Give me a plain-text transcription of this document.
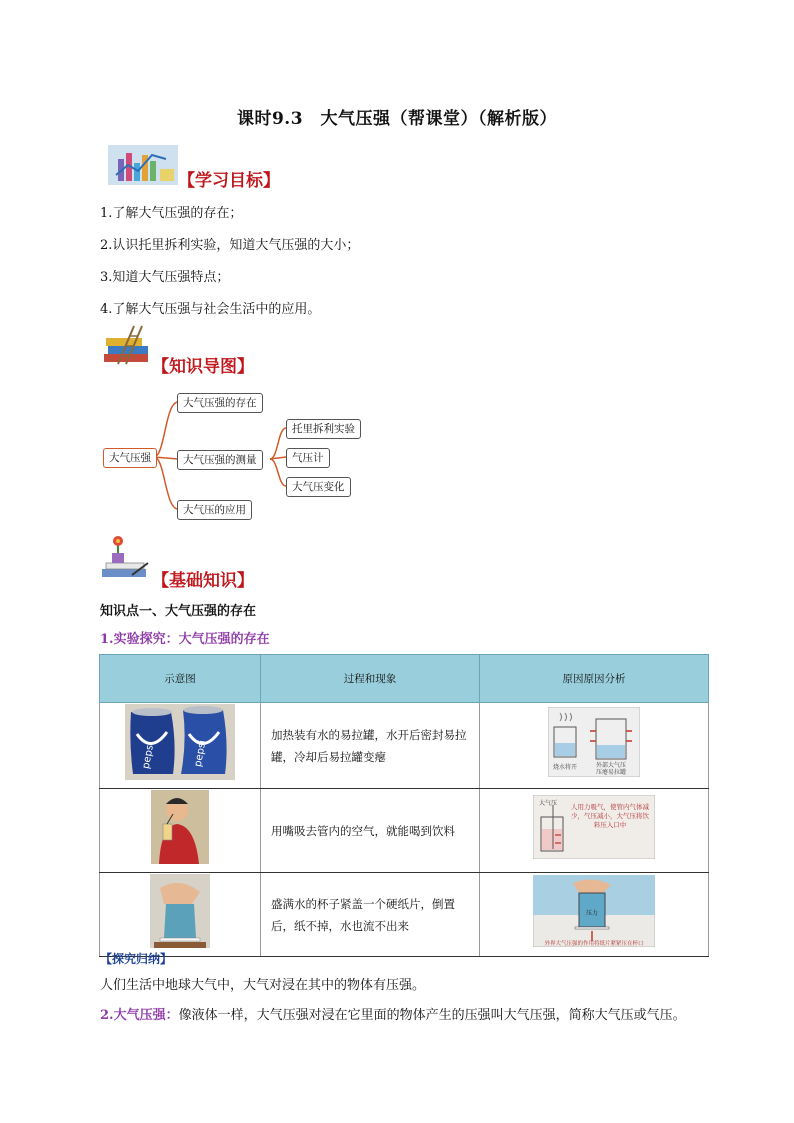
课时9.3　大气压强（帮课堂）（解析版）
【学习目标】
1.了解大气压强的存在；
2.认识托里拆利实验，知道大气压强的大小；
3.知道大气压强特点；
4.了解大气压强与社会生活中的应用。
【知识导图】
大气压强
大气压强的存在
大气压强的测量
大气压的应用
托里拆利实验
气压计
大气压变化
【基础知识】
知识点一、大气压强的存在
1.实验探究：大气压强的存在
示意图	过程和现象	原因原因分析

pepsi pepsi	加热装有水的易拉罐，水开后密封易拉罐，冷却后易拉罐变瘪	烧水将开 外部大气压
压瘪易拉罐

	用嘴吸去管内的空气，就能喝到饮料	大气压 人用力吸气，使管内气体减少，气压减小，大气压将饮料压入口中

	盛满水的杯子紧盖一个硬纸片，倒置后，纸不掉，水也流不出来	压力
外界大气压强的作用将纸片紧紧压在杯口
【探究归纳】
人们生活中地球大气中，大气对浸在其中的物体有压强。
2.大气压强：像液体一样，大气压强对浸在它里面的物体产生的压强叫大气压强，简称大气压或气压。
